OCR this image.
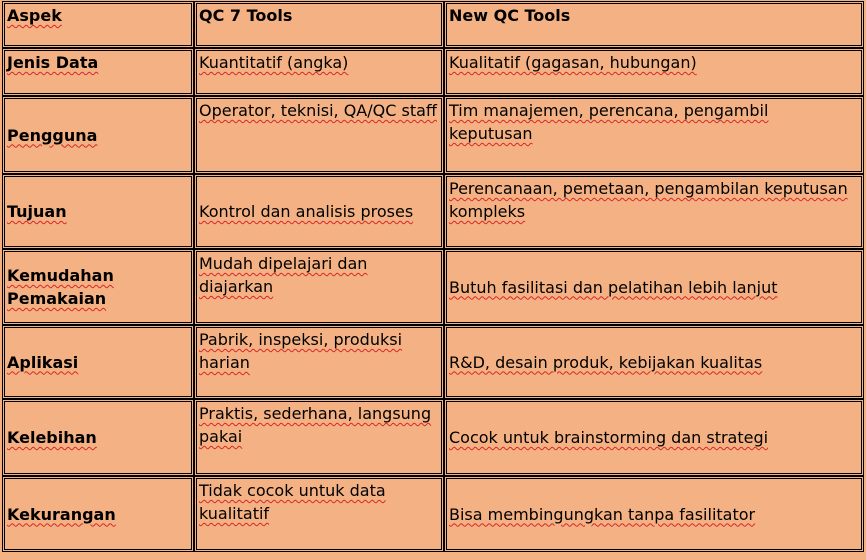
Aspek	QC 7 Tools	New QC Tools
Jenis Data	Kuantitatif (angka)	Kualitatif (gagasan, hubungan)
Pengguna	Operator, teknisi, QA/QC staff	Tim manajemen, perencana, pengambil keputusan
Tujuan	Kontrol dan analisis proses	Perencanaan, pemetaan, pengambilan keputusan kompleks
Kemudahan Pemakaian	Mudah dipelajari dan diajarkan	Butuh fasilitasi dan pelatihan lebih lanjut
Aplikasi	Pabrik, inspeksi, produksi harian	R&D, desain produk, kebijakan kualitas
Kelebihan	Praktis, sederhana, langsung pakai	Cocok untuk brainstorming dan strategi
Kekurangan	Tidak cocok untuk data kualitatif	Bisa membingungkan tanpa fasilitator
